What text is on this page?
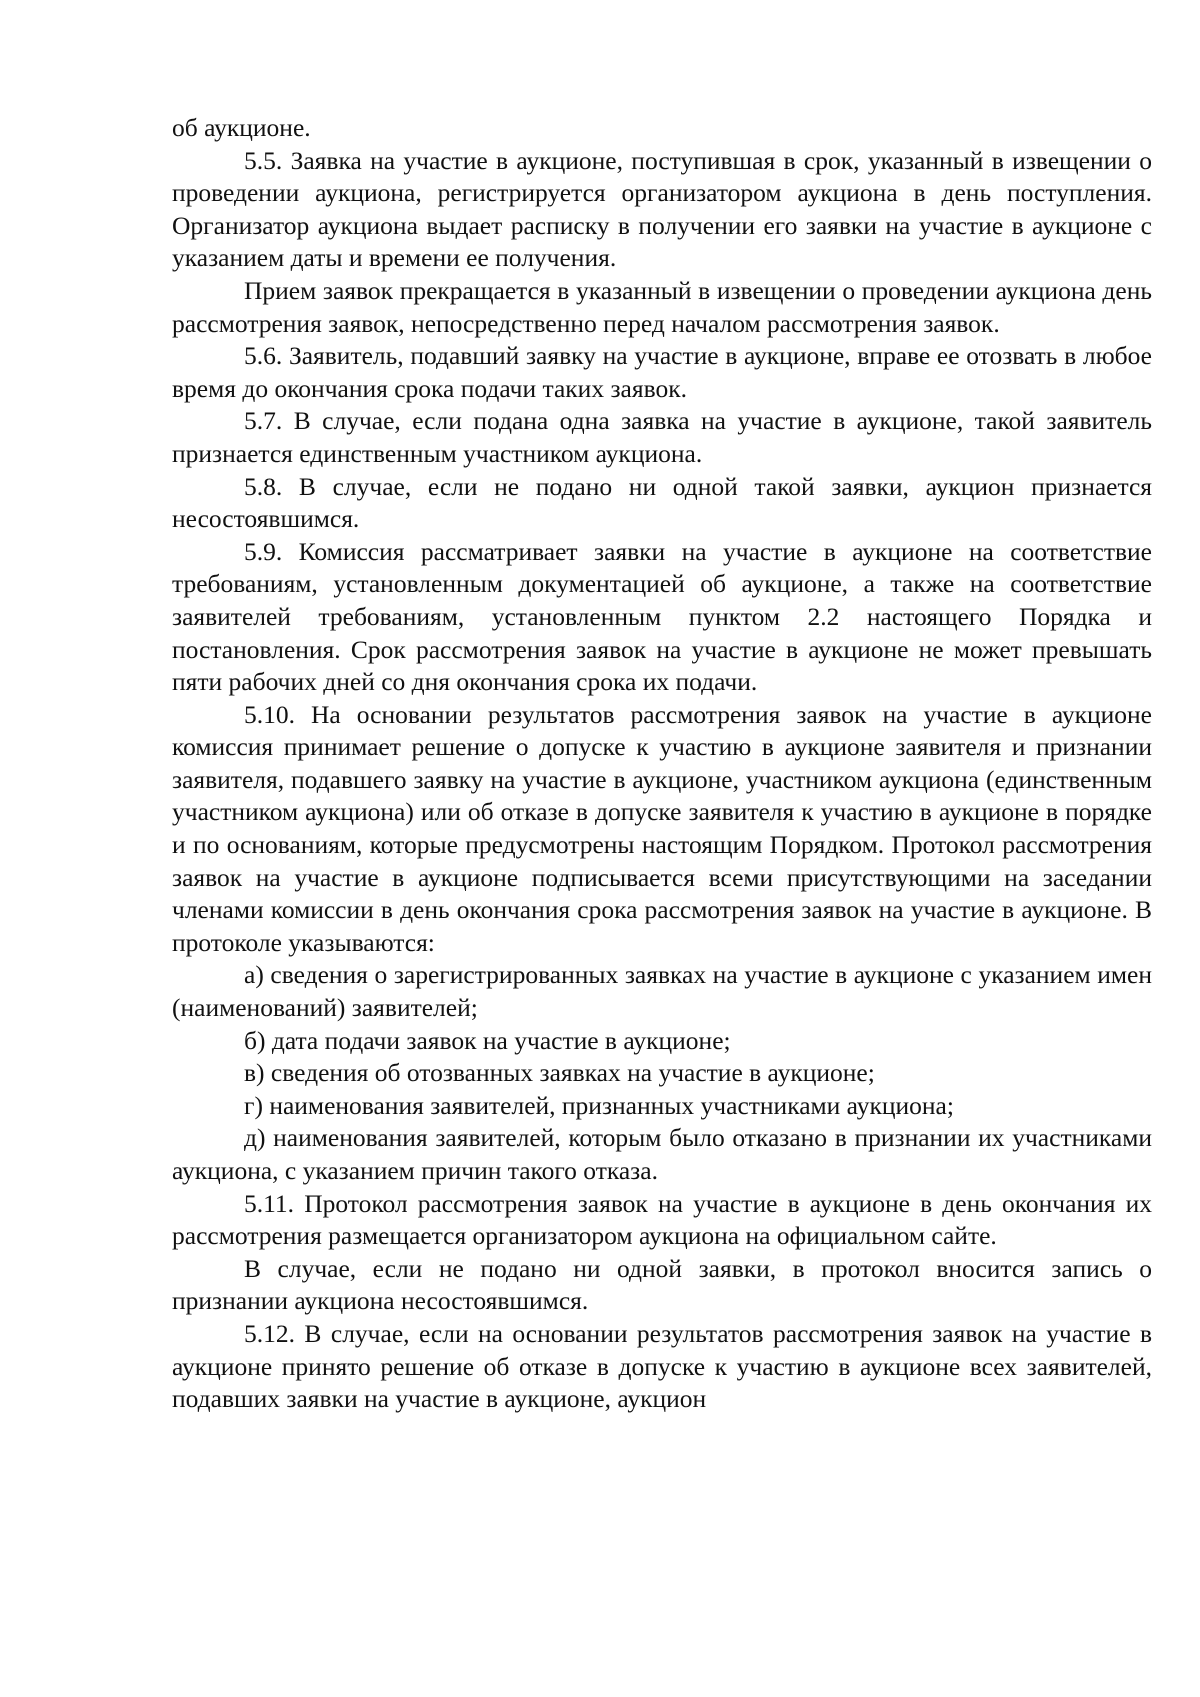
об аукционе.

5.5. Заявка на участие в аукционе, поступившая в срок, указанный в извещении о проведении аукциона, регистрируется организатором аукциона в день поступления. Организатор аукциона выдает расписку в получении его заявки на участие в аукционе с указанием даты и времени ее получения.

Прием заявок прекращается в указанный в извещении о проведении аукциона день рассмотрения заявок, непосредственно перед началом рассмотрения заявок.

5.6. Заявитель, подавший заявку на участие в аукционе, вправе ее отозвать в любое время до окончания срока подачи таких заявок.

5.7. В случае, если подана одна заявка на участие в аукционе, такой заявитель признается единственным участником аукциона.

5.8. В случае, если не подано ни одной такой заявки, аукцион признается несостоявшимся.

5.9. Комиссия рассматривает заявки на участие в аукционе на соответствие требованиям, установленным документацией об аукционе, а также на соответствие заявителей требованиям, установленным пунктом 2.2 настоящего Порядка и постановления. Срок рассмотрения заявок на участие в аукционе не может превышать пяти рабочих дней со дня окончания срока их подачи.

5.10. На основании результатов рассмотрения заявок на участие в аукционе комиссия принимает решение о допуске к участию в аукционе заявителя и признании заявителя, подавшего заявку на участие в аукционе, участником аукциона (единственным участником аукциона) или об отказе в допуске заявителя к участию в аукционе в порядке и по основаниям, которые предусмотрены настоящим Порядком. Протокол рассмотрения заявок на участие в аукционе подписывается всеми присутствующими на заседании членами комиссии в день окончания срока рассмотрения заявок на участие в аукционе. В протоколе указываются:

а) сведения о зарегистрированных заявках на участие в аукционе с указанием имен (наименований) заявителей;

б) дата подачи заявок на участие в аукционе;

в) сведения об отозванных заявках на участие в аукционе;

г) наименования заявителей, признанных участниками аукциона;

д) наименования заявителей, которым было отказано в признании их участниками аукциона, с указанием причин такого отказа.

5.11. Протокол рассмотрения заявок на участие в аукционе в день окончания их рассмотрения размещается организатором аукциона на официальном сайте.

В случае, если не подано ни одной заявки, в протокол вносится запись о признании аукциона несостоявшимся.

5.12. В случае, если на основании результатов рассмотрения заявок на участие в аукционе принято решение об отказе в допуске к участию в аукционе всех заявителей, подавших заявки на участие в аукционе, аукцион
